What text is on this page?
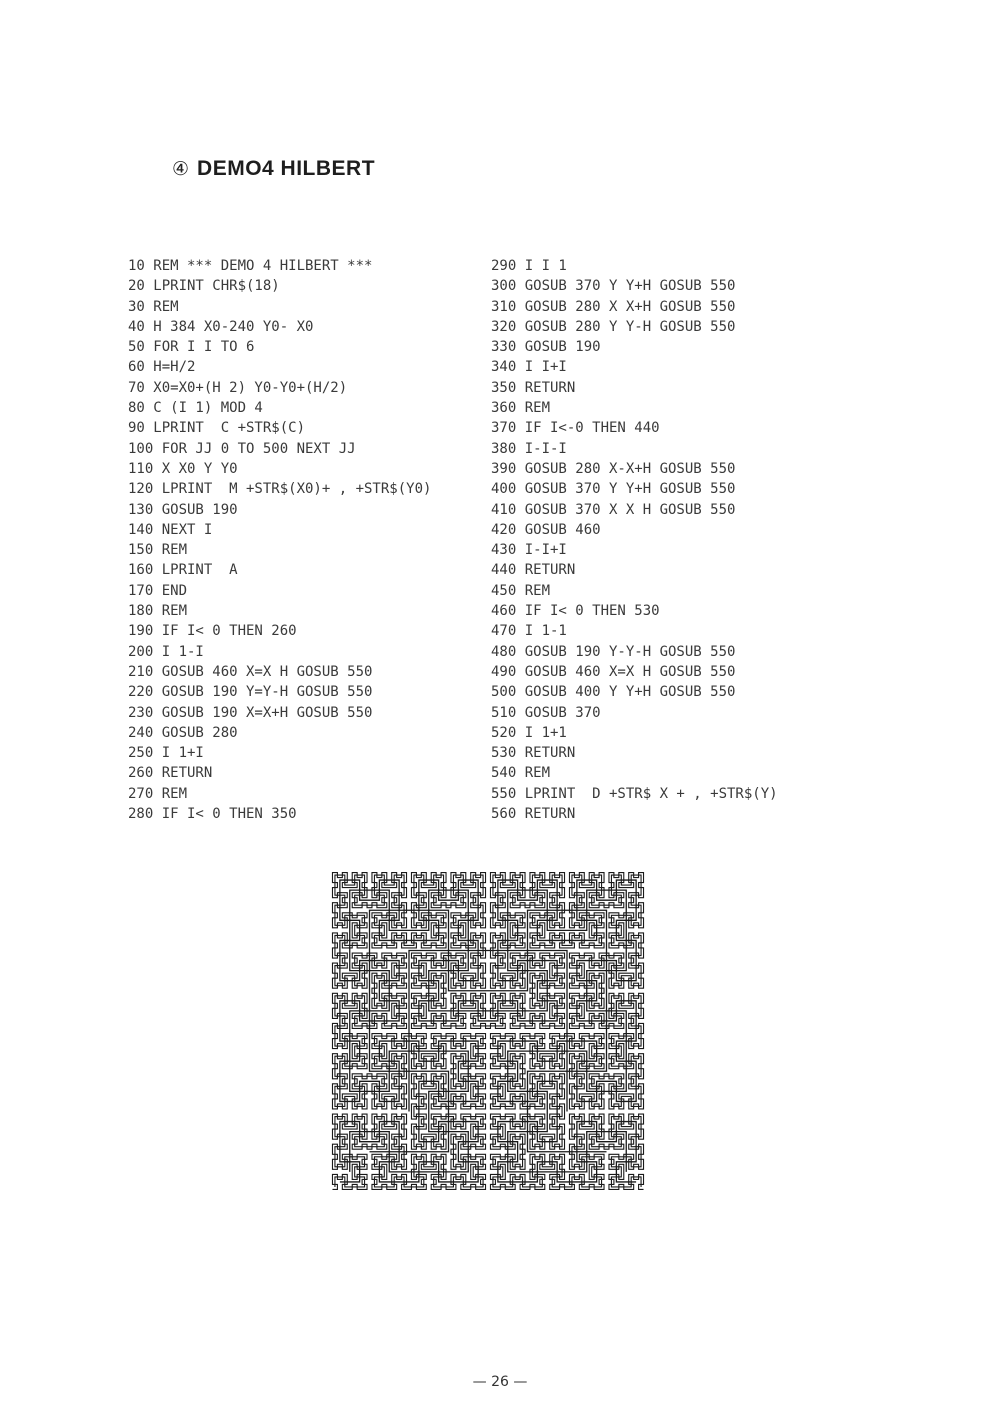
④ DEMO4 HILBERT
10 REM *** DEMO 4 HILBERT ***
20 LPRINT CHR$(18)
30 REM
40 H 384 X0-240 Y0- X0
50 FOR I I TO 6
60 H=H/2
70 X0=X0+(H 2) Y0-Y0+(H/2)
80 C (I 1) MOD 4
90 LPRINT  C +STR$(C)
100 FOR JJ 0 TO 500 NEXT JJ
110 X X0 Y Y0
120 LPRINT  M +STR$(X0)+ , +STR$(Y0)
130 GOSUB 190
140 NEXT I
150 REM
160 LPRINT  A
170 END
180 REM
190 IF I< 0 THEN 260
200 I 1-I
210 GOSUB 460 X=X H GOSUB 550
220 GOSUB 190 Y=Y-H GOSUB 550
230 GOSUB 190 X=X+H GOSUB 550
240 GOSUB 280
250 I 1+I
260 RETURN
270 REM
280 IF I< 0 THEN 350
290 I I 1
300 GOSUB 370 Y Y+H GOSUB 550
310 GOSUB 280 X X+H GOSUB 550
320 GOSUB 280 Y Y-H GOSUB 550
330 GOSUB 190
340 I I+I
350 RETURN
360 REM
370 IF I<-0 THEN 440
380 I-I-I
390 GOSUB 280 X-X+H GOSUB 550
400 GOSUB 370 Y Y+H GOSUB 550
410 GOSUB 370 X X H GOSUB 550
420 GOSUB 460
430 I-I+I
440 RETURN
450 REM
460 IF I< 0 THEN 530
470 I 1-1
480 GOSUB 190 Y-Y-H GOSUB 550
490 GOSUB 460 X=X H GOSUB 550
500 GOSUB 400 Y Y+H GOSUB 550
510 GOSUB 370
520 I 1+1
530 RETURN
540 REM
550 LPRINT  D +STR$ X + , +STR$(Y)
560 RETURN
— 26 —
